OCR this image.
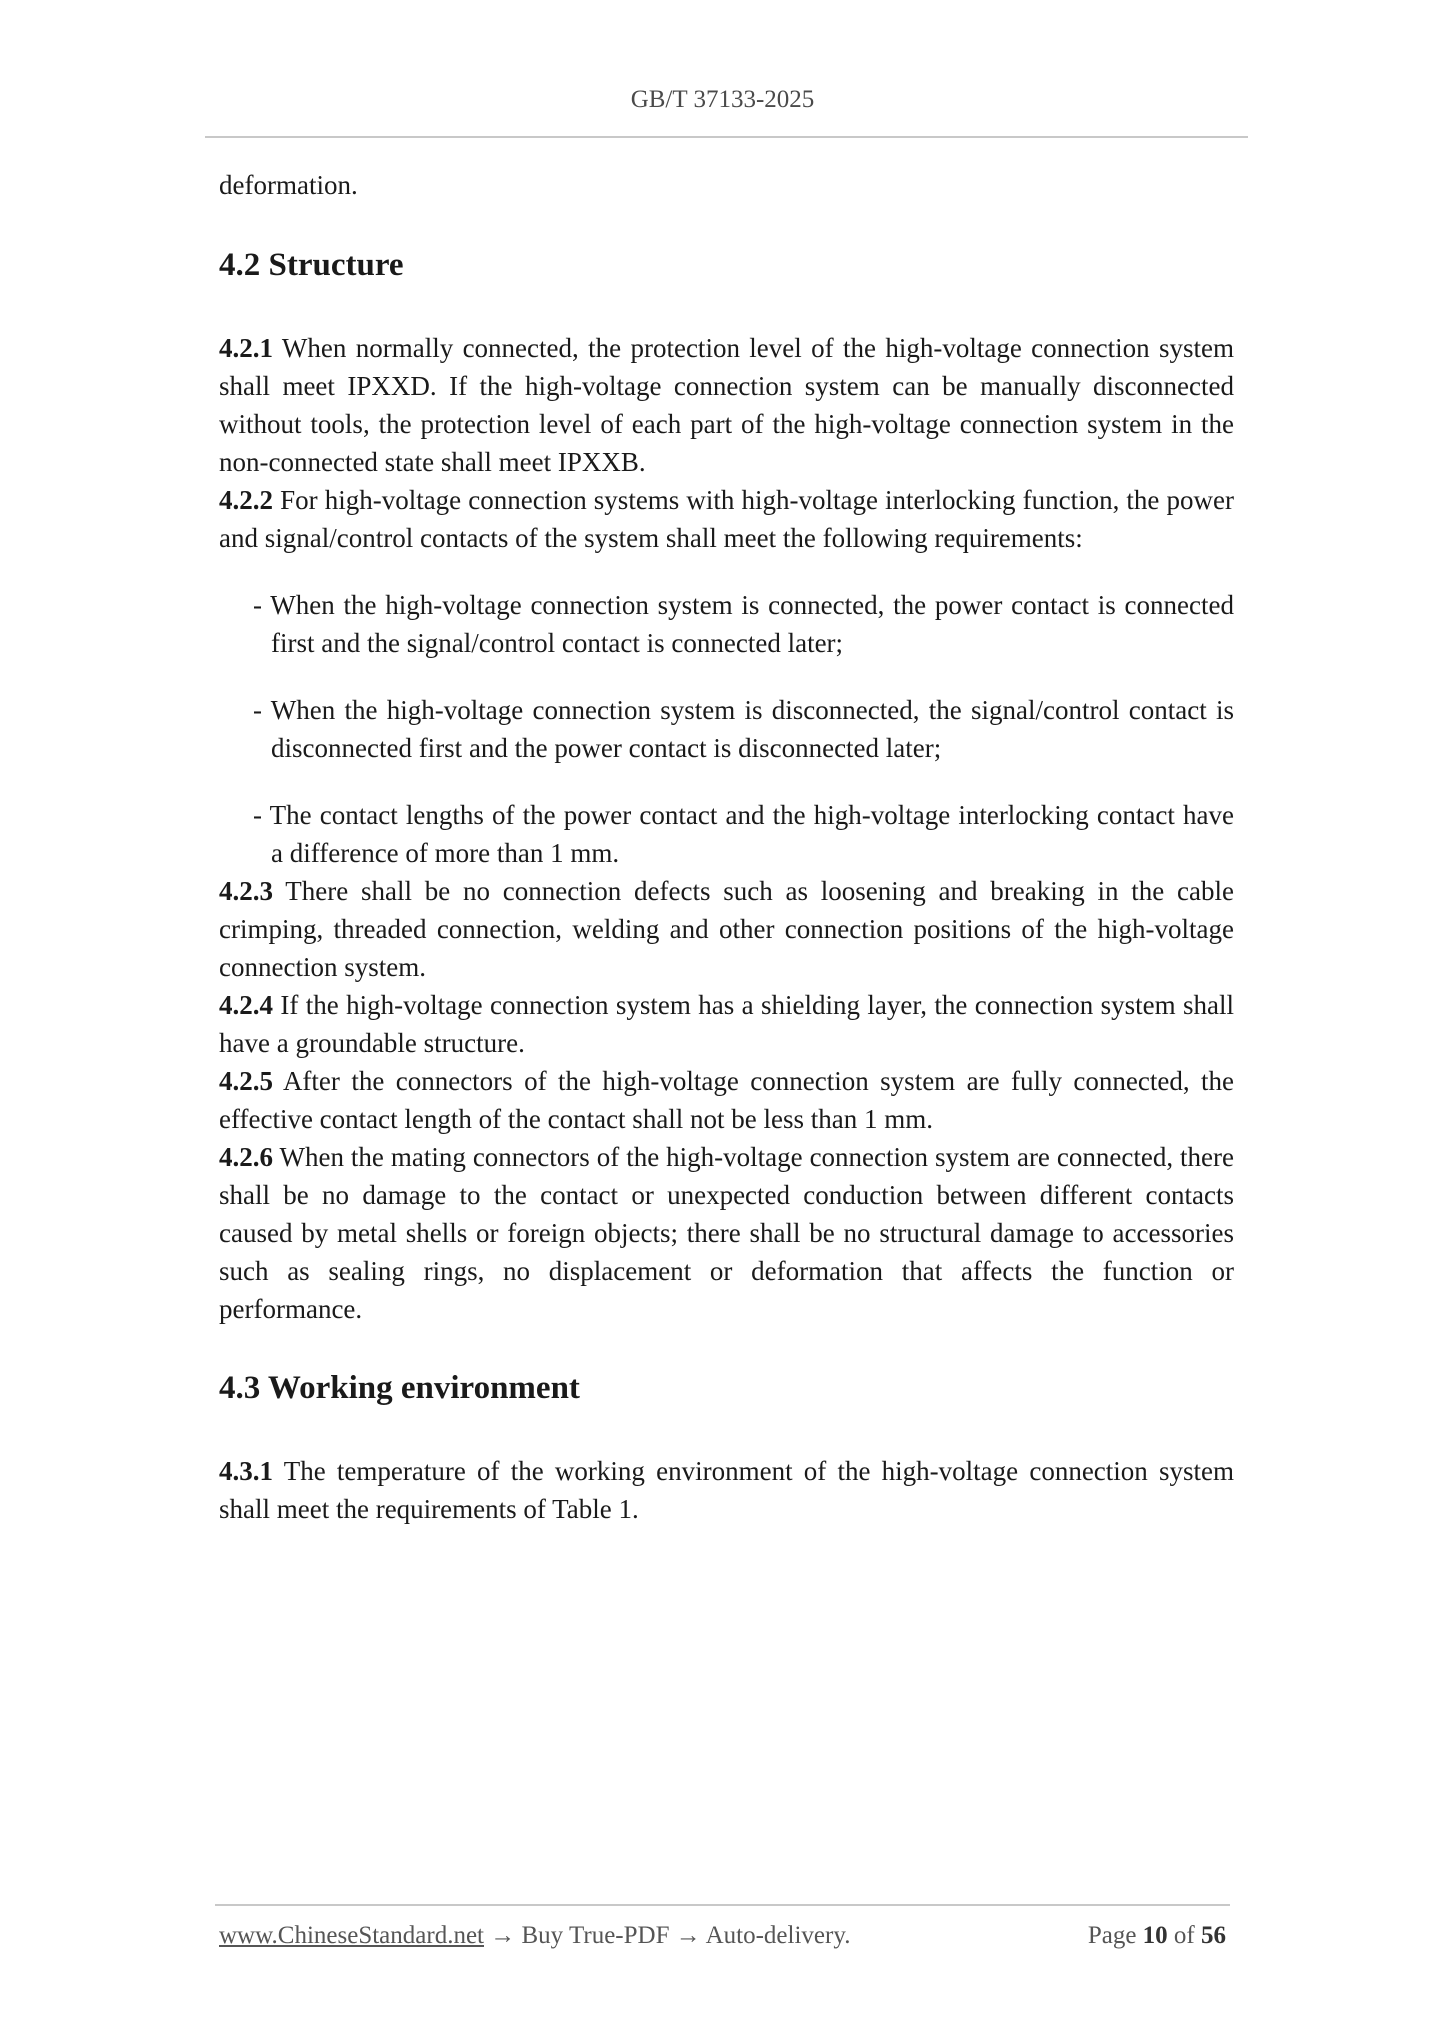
GB/T 37133-2025

deformation.

4.2 Structure

4.2.1 When normally connected, the protection level of the high-voltage connection system shall meet IPXXD. If the high-voltage connection system can be manually disconnected without tools, the protection level of each part of the high-voltage connection system in the non-connected state shall meet IPXXB.

4.2.2 For high-voltage connection systems with high-voltage interlocking function, the power and signal/control contacts of the system shall meet the following requirements:

- When the high-voltage connection system is connected, the power contact is connected first and the signal/control contact is connected later;
- When the high-voltage connection system is disconnected, the signal/control contact is disconnected first and the power contact is disconnected later;
- The contact lengths of the power contact and the high-voltage interlocking contact have a difference of more than 1 mm.

4.2.3 There shall be no connection defects such as loosening and breaking in the cable crimping, threaded connection, welding and other connection positions of the high-voltage connection system.

4.2.4 If the high-voltage connection system has a shielding layer, the connection system shall have a groundable structure.

4.2.5 After the connectors of the high-voltage connection system are fully connected, the effective contact length of the contact shall not be less than 1 mm.

4.2.6 When the mating connectors of the high-voltage connection system are connected, there shall be no damage to the contact or unexpected conduction between different contacts caused by metal shells or foreign objects; there shall be no structural damage to accessories such as sealing rings, no displacement or deformation that affects the function or performance.

4.3 Working environment

4.3.1 The temperature of the working environment of the high-voltage connection system shall meet the requirements of Table 1.

www.ChineseStandard.net → Buy True-PDF → Auto-delivery.	Page 10 of 56
